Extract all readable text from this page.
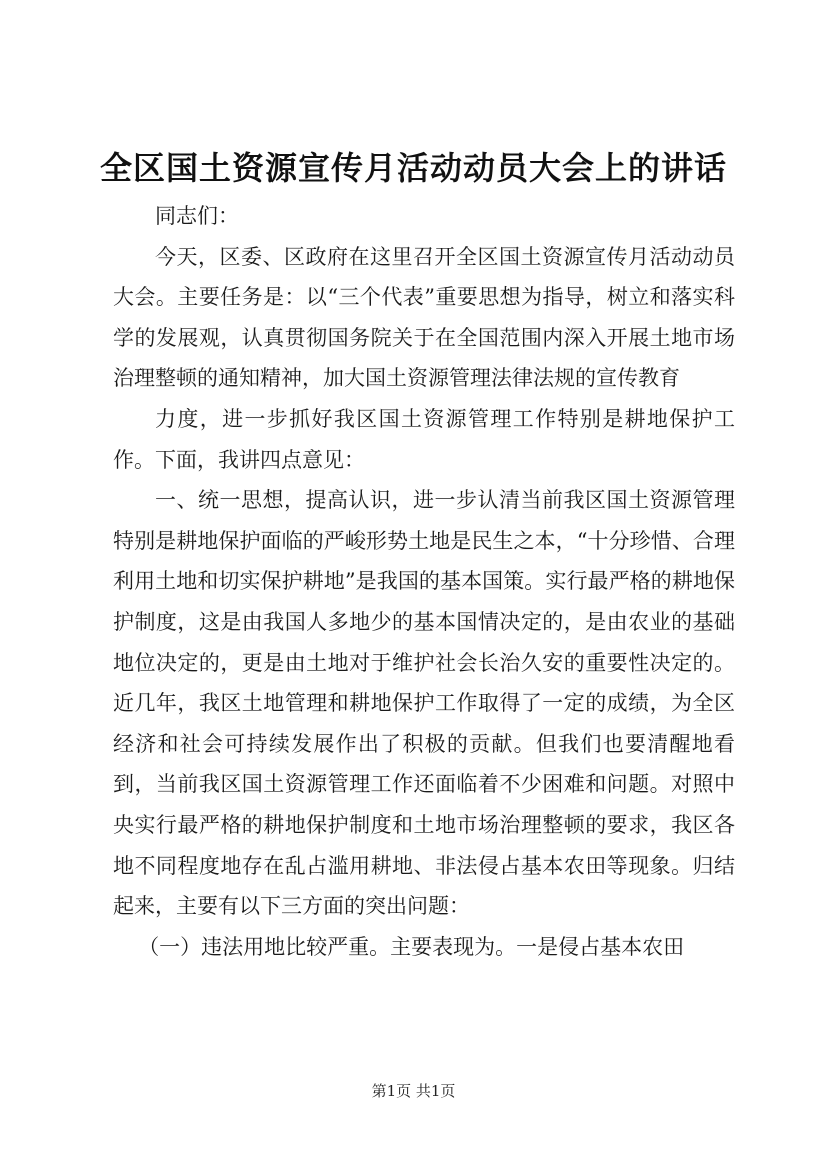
全区国土资源宣传月活动动员大会上的讲话

同志们：

今天，区委、区政府在这里召开全区国土资源宣传月活动动员大会。主要任务是：以“三个代表”重要思想为指导，树立和落实科学的发展观，认真贯彻国务院关于在全国范围内深入开展土地市场治理整顿的通知精神，加大国土资源管理法律法规的宣传教育

力度，进一步抓好我区国土资源管理工作特别是耕地保护工作。下面，我讲四点意见：

一、统一思想，提高认识，进一步认清当前我区国土资源管理特别是耕地保护面临的严峻形势土地是民生之本，“十分珍惜、合理利用土地和切实保护耕地”是我国的基本国策。实行最严格的耕地保护制度，这是由我国人多地少的基本国情决定的，是由农业的基础地位决定的，更是由土地对于维护社会长治久安的重要性决定的。近几年，我区土地管理和耕地保护工作取得了一定的成绩，为全区经济和社会可持续发展作出了积极的贡献。但我们也要清醒地看到，当前我区国土资源管理工作还面临着不少困难和问题。对照中央实行最严格的耕地保护制度和土地市场治理整顿的要求，我区各地不同程度地存在乱占滥用耕地、非法侵占基本农田等现象。归结起来，主要有以下三方面的突出问题：

（一）违法用地比较严重。主要表现为。一是侵占基本农田

第1页 共1页
